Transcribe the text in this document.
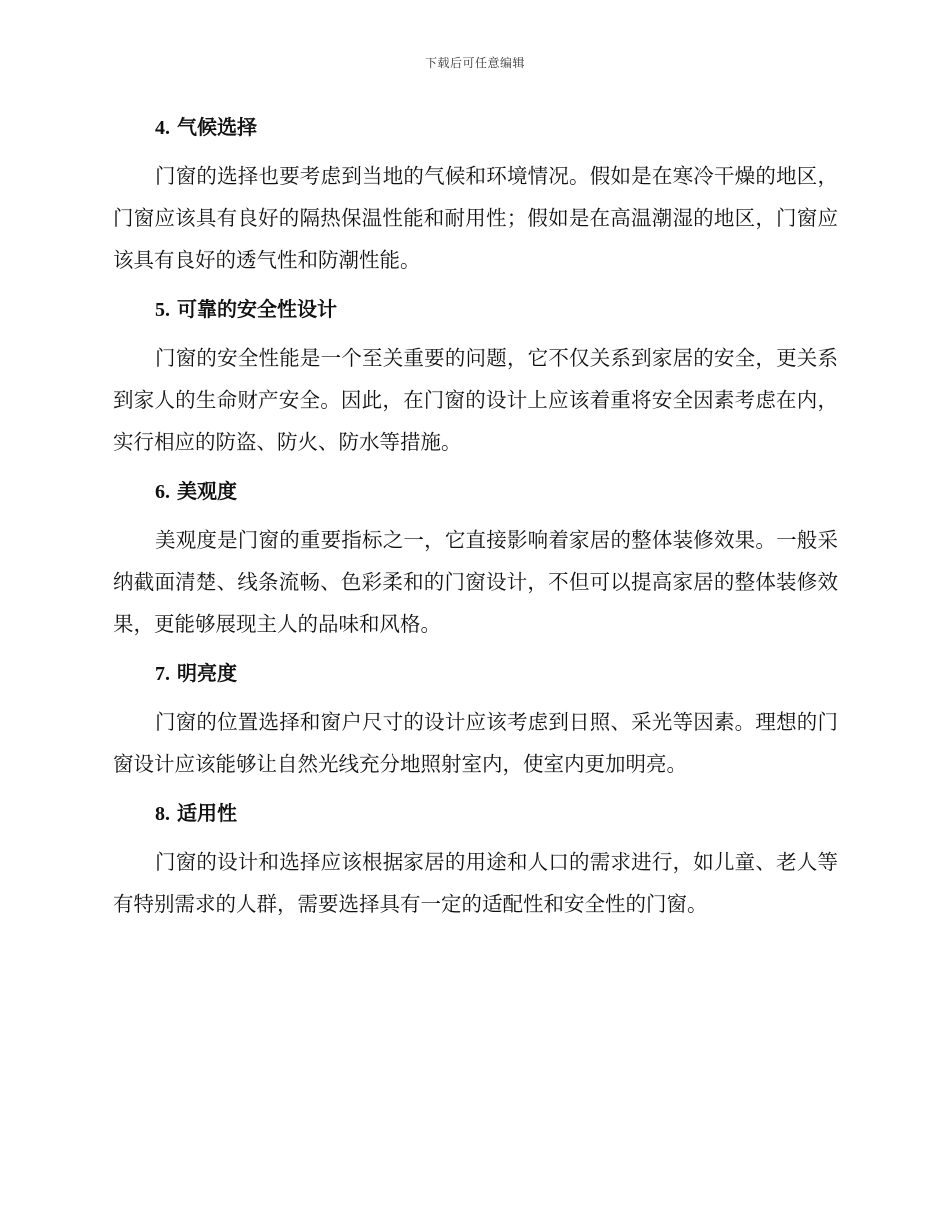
下载后可任意编辑
4. 气候选择

门窗的选择也要考虑到当地的气候和环境情况。假如是在寒冷干燥的地区，门窗应该具有良好的隔热保温性能和耐用性；假如是在高温潮湿的地区，门窗应该具有良好的透气性和防潮性能。

5. 可靠的安全性设计

门窗的安全性能是一个至关重要的问题，它不仅关系到家居的安全，更关系到家人的生命财产安全。因此，在门窗的设计上应该着重将安全因素考虑在内，实行相应的防盗、防火、防水等措施。

6. 美观度

美观度是门窗的重要指标之一，它直接影响着家居的整体装修效果。一般采纳截面清楚、线条流畅、色彩柔和的门窗设计，不但可以提高家居的整体装修效果，更能够展现主人的品味和风格。

7. 明亮度

门窗的位置选择和窗户尺寸的设计应该考虑到日照、采光等因素。理想的门窗设计应该能够让自然光线充分地照射室内，使室内更加明亮。

8. 适用性

门窗的设计和选择应该根据家居的用途和人口的需求进行，如儿童、老人等有特别需求的人群，需要选择具有一定的适配性和安全性的门窗。
